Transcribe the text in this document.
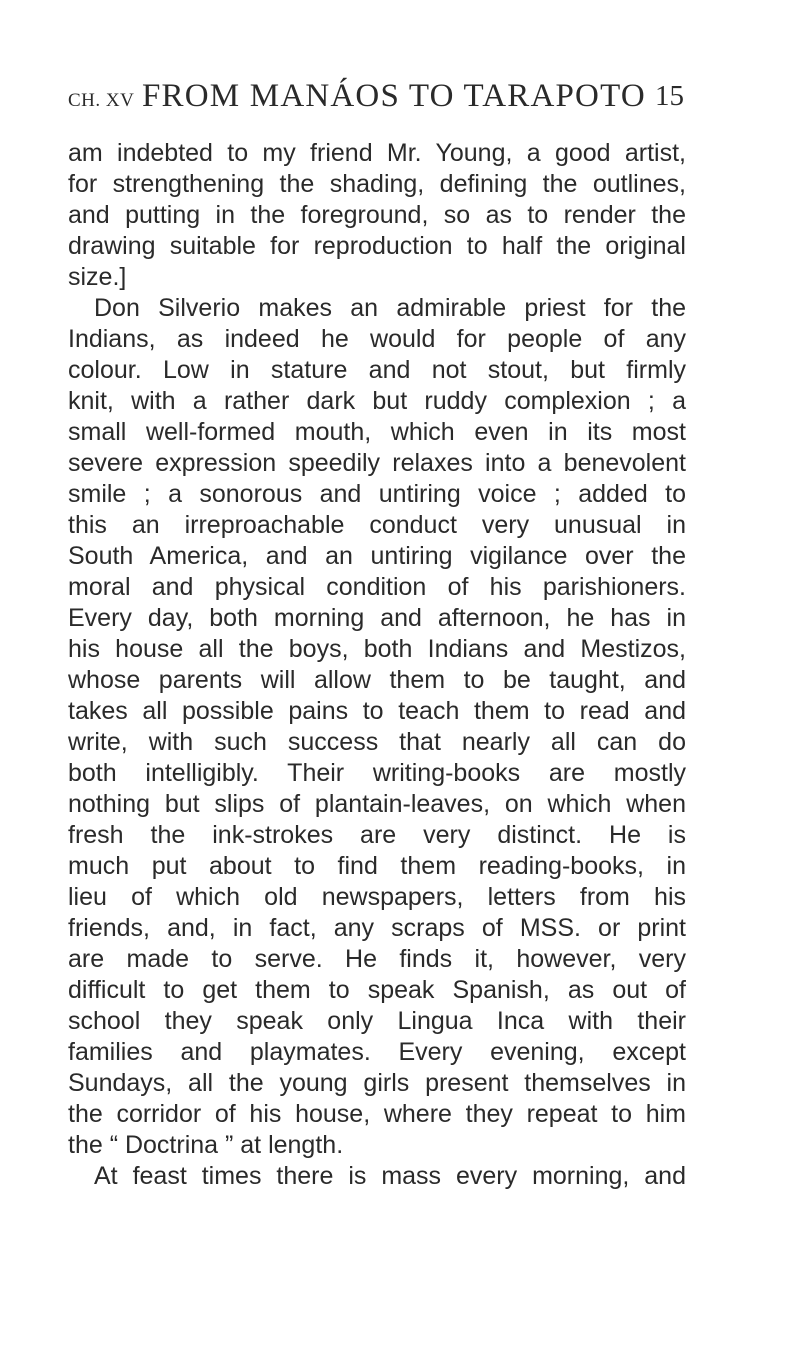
CH. XV FROM MANÁOS TO TARAPOTO 15
am indebted to my friend Mr. Young, a good artist,
for strengthening the shading, defining the outlines,
and putting in the foreground, so as to render the
drawing suitable for reproduction to half the original
size.]
Don Silverio makes an admirable priest for the
Indians, as indeed he would for people of any
colour. Low in stature and not stout, but firmly
knit, with a rather dark but ruddy complexion ; a
small well-formed mouth, which even in its most
severe expression speedily relaxes into a benevolent
smile ; a sonorous and untiring voice ; added to
this an irreproachable conduct very unusual in
South America, and an untiring vigilance over the
moral and physical condition of his parishioners.
Every day, both morning and afternoon, he has in
his house all the boys, both Indians and Mestizos,
whose parents will allow them to be taught, and
takes all possible pains to teach them to read and
write, with such success that nearly all can do
both intelligibly. Their writing-books are mostly
nothing but slips of plantain-leaves, on which when
fresh the ink-strokes are very distinct. He is
much put about to find them reading-books, in
lieu of which old newspapers, letters from his
friends, and, in fact, any scraps of MSS. or print
are made to serve. He finds it, however, very
difficult to get them to speak Spanish, as out of
school they speak only Lingua Inca with their
families and playmates. Every evening, except
Sundays, all the young girls present themselves in
the corridor of his house, where they repeat to him
the “ Doctrina ” at length.
At feast times there is mass every morning, and
